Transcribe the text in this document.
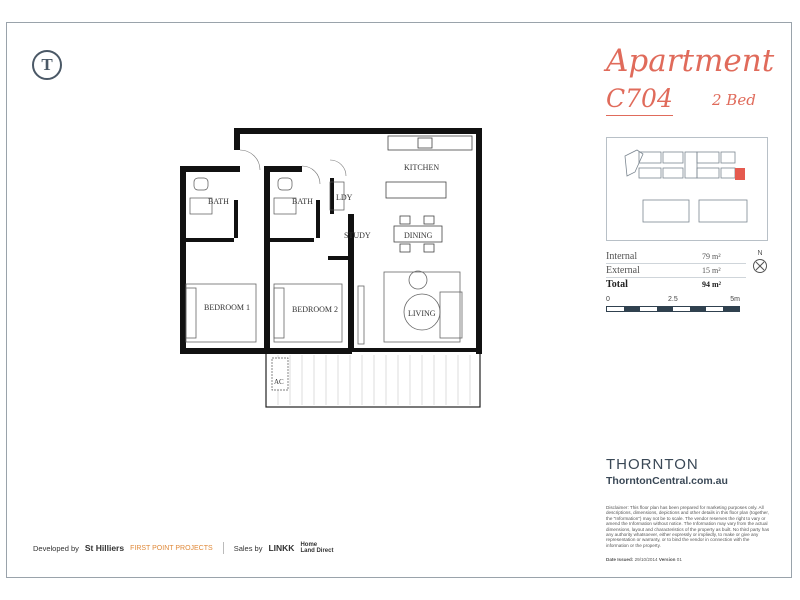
T	Apartment
C704	2 Bed
Internal	79 m²
External	15 m²
Total	94 m²
N
0	2.5	5m
THORNTON
ThorntonCentral.com.au
Disclaimer: This floor plan has been prepared for marketing purposes only. All descriptions, dimensions, depictions and other details in this floor plan (together, the "Information") may not be to scale. The vendor reserves the right to vary or amend the Information without notice. The Information may vary from the actual dimensions, layout and characteristics of the property as built. No third party has any authority whatsoever, either expressly or impliedly, to make or give any representation or warranty, or to bind the vendor in connection with the information or the property.
Date Issued: 29/10/2014 Version 01
Developed by St Hilliers FIRST POINT PROJECTS	Sales by LINKK Home
Land Direct
KITCHEN
BATH	BATH	LDY
STUDY	DINING
BEDROOM 1	BEDROOM 2	LIVING
AC
